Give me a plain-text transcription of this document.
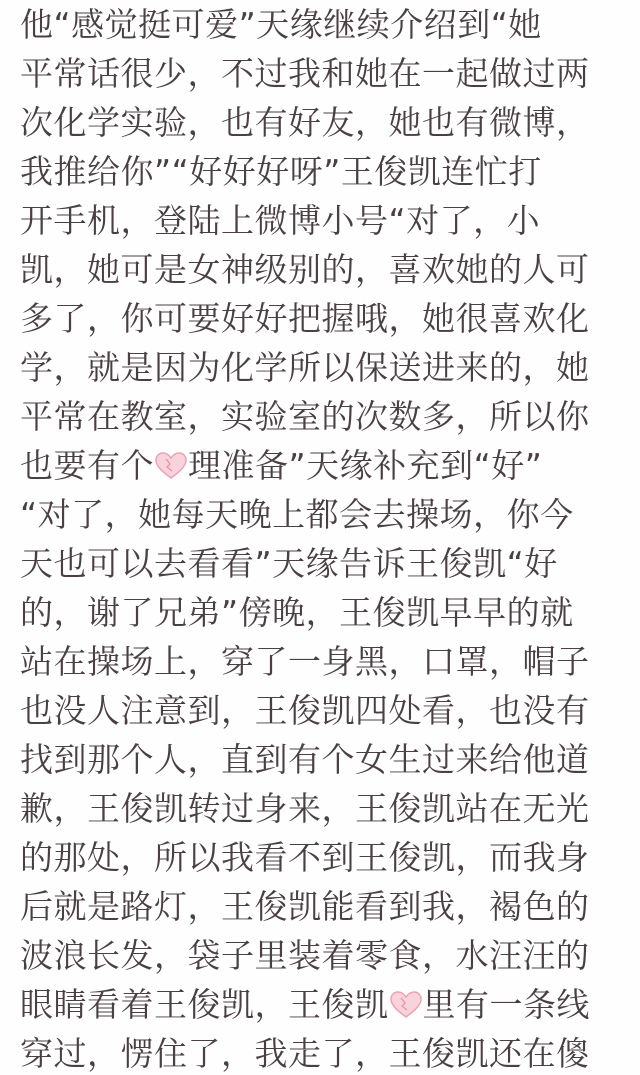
他“感觉挺可爱”天缘继续介绍到“她
平常话很少，不过我和她在一起做过两
次化学实验，也有好友，她也有微博，
我推给你”“好好好呀”王俊凯连忙打
开手机，登陆上微博小号“对了，小
凯，她可是女神级别的，喜欢她的人可
多了，你可要好好把握哦，她很喜欢化
学，就是因为化学所以保送进来的，她
平常在教室，实验室的次数多，所以你
也要有个 理准备”天缘补充到“好”
“对了，她每天晚上都会去操场，你今
天也可以去看看”天缘告诉王俊凯“好
的，谢了兄弟”傍晚，王俊凯早早的就
站在操场上，穿了一身黑，口罩，帽子
也没人注意到，王俊凯四处看，也没有
找到那个人，直到有个女生过来给他道
歉，王俊凯转过身来，王俊凯站在无光
的那处，所以我看不到王俊凯，而我身
后就是路灯，王俊凯能看到我，褐色的
波浪长发，袋子里装着零食，水汪汪的
眼睛看着王俊凯，王俊凯 里有一条线
穿过，愣住了，我走了，王俊凯还在傻
